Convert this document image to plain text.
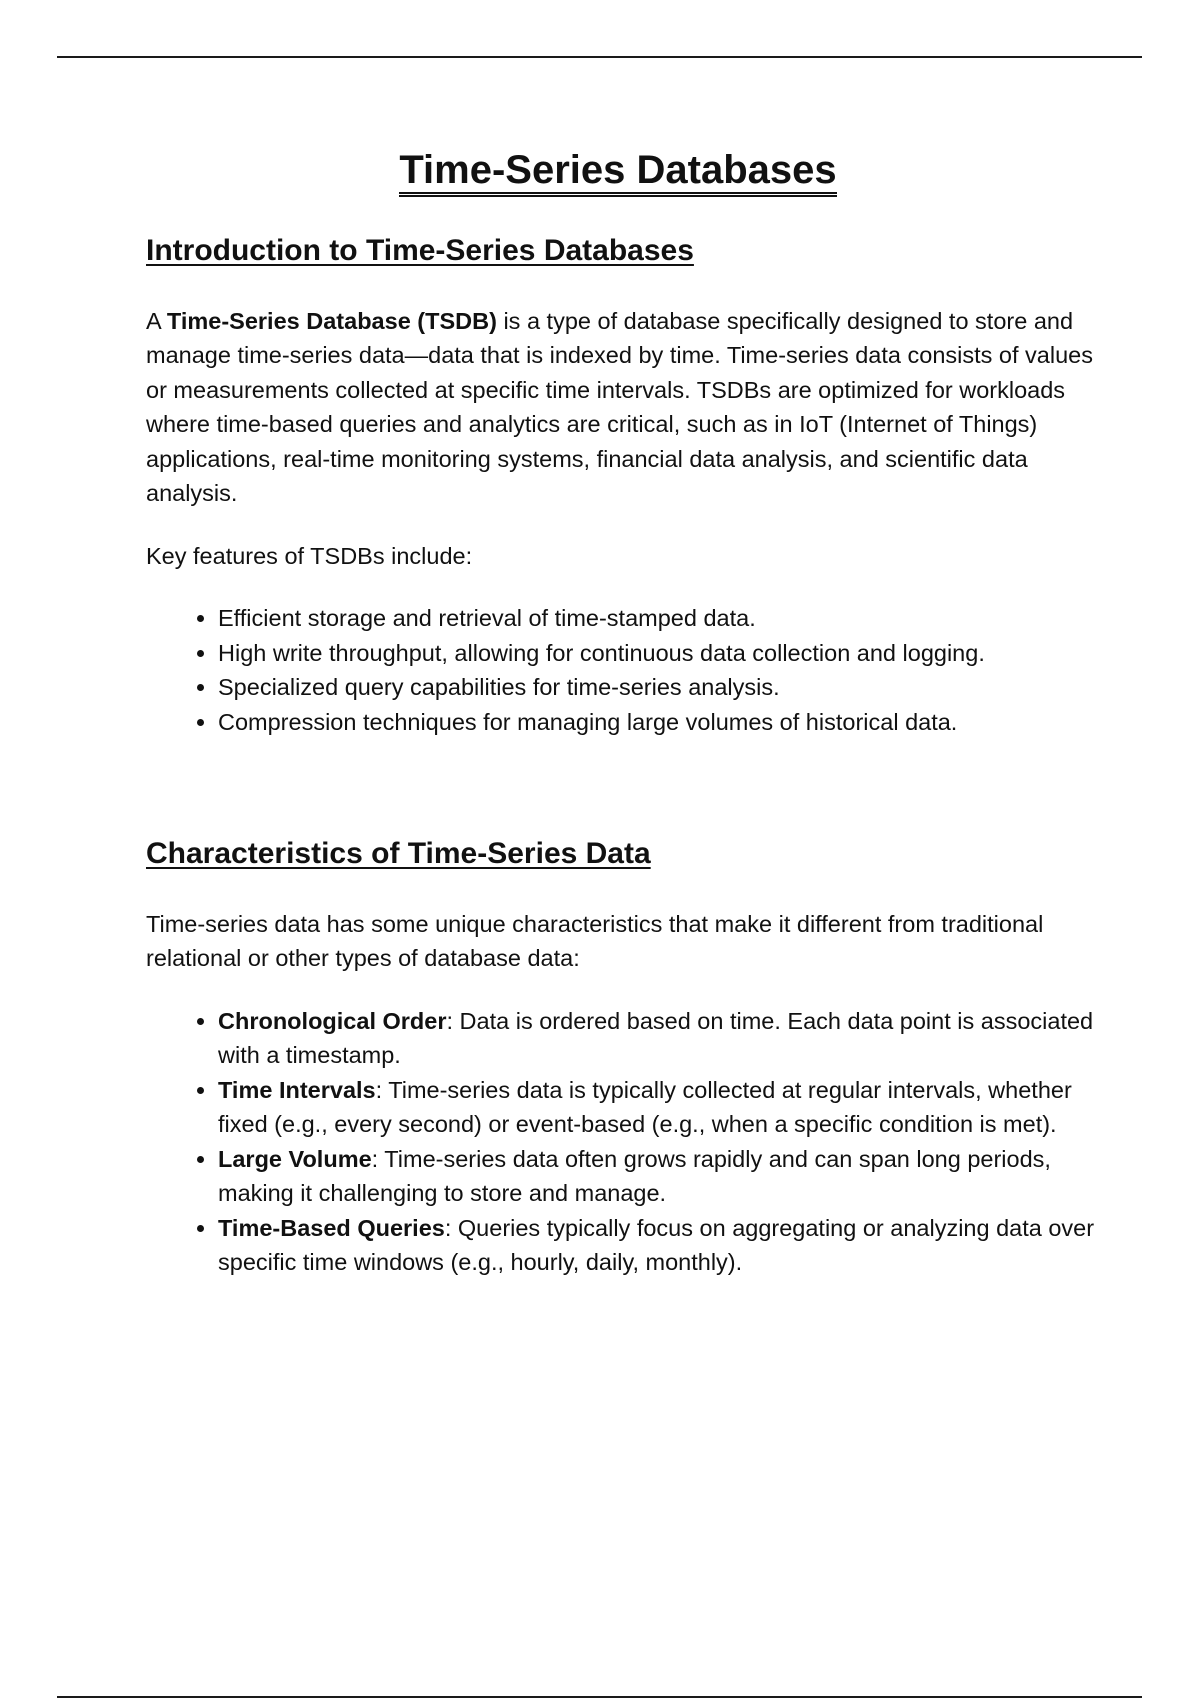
Time-Series Databases
Introduction to Time-Series Databases

A Time-Series Database (TSDB) is a type of database specifically designed to store and manage time-series data—data that is indexed by time. Time-series data consists of values or measurements collected at specific time intervals. TSDBs are optimized for workloads where time-based queries and analytics are critical, such as in IoT (Internet of Things) applications, real-time monitoring systems, financial data analysis, and scientific data analysis.

Key features of TSDBs include:

• Efficient storage and retrieval of time-stamped data.
• High write throughput, allowing for continuous data collection and logging.
• Specialized query capabilities for time-series analysis.
• Compression techniques for managing large volumes of historical data.
Characteristics of Time-Series Data

Time-series data has some unique characteristics that make it different from traditional relational or other types of database data:

• Chronological Order: Data is ordered based on time. Each data point is associated with a timestamp.
• Time Intervals: Time-series data is typically collected at regular intervals, whether fixed (e.g., every second) or event-based (e.g., when a specific condition is met).
• Large Volume: Time-series data often grows rapidly and can span long periods, making it challenging to store and manage.
• Time-Based Queries: Queries typically focus on aggregating or analyzing data over specific time windows (e.g., hourly, daily, monthly).
